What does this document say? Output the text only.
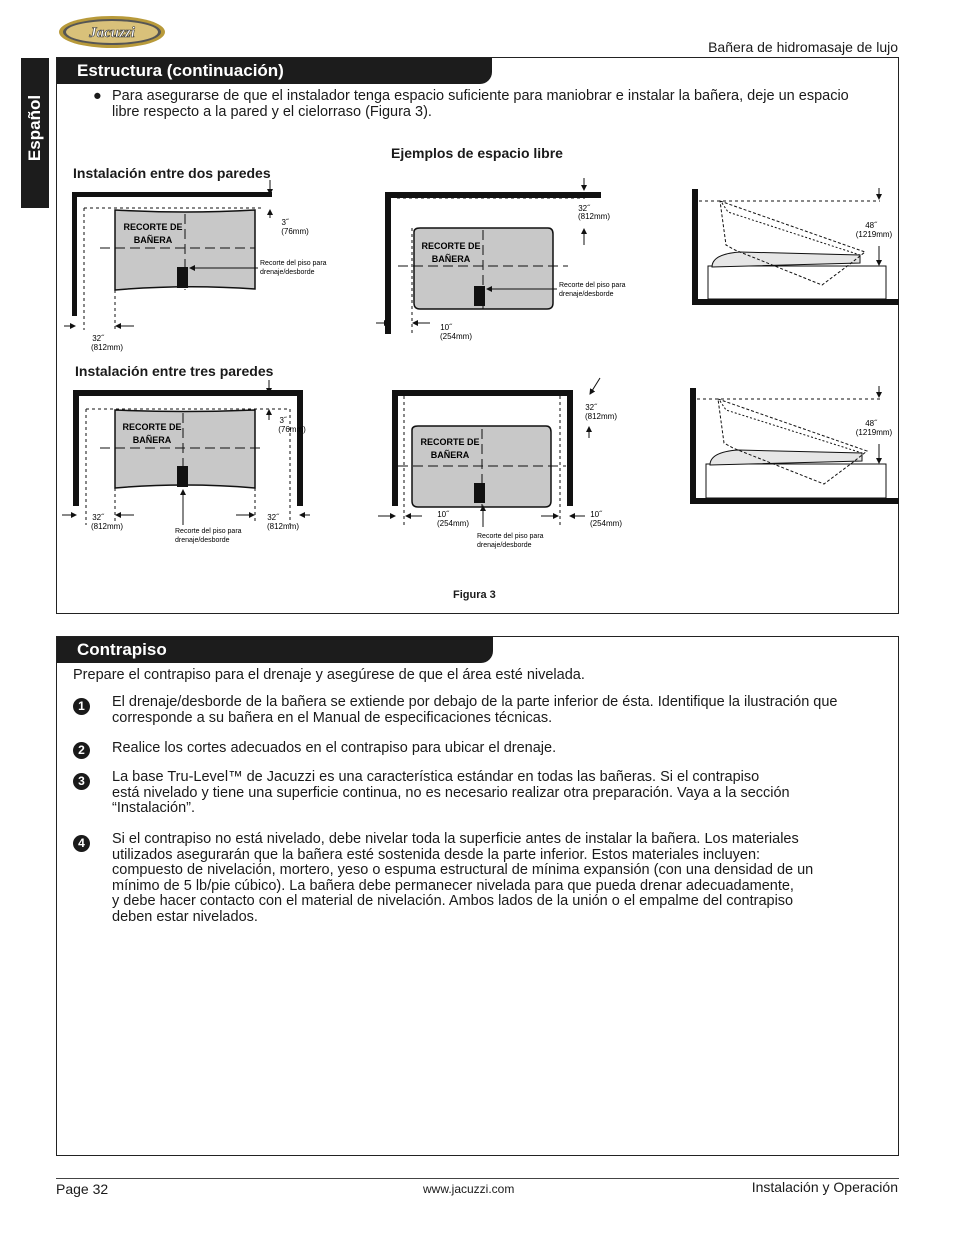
Jacuzzi
Bañera de hidromasaje de lujo
Español
Estructura (continuación)
● Para asegurarse de que el instalador tenga espacio suficiente para maniobrar e instalar la bañera, deje un espacio libre respecto a la pared y el cielorraso (Figura 3).
Ejemplos de espacio libre
Instalación entre dos paredes
Instalación entre tres paredes
Figura 3
RECORTE DE BAÑERA
Recorte del piso para drenaje/desborde
3˝ (76mm)
32˝ (812mm)
RECORTE DE BAÑERA
Recorte del piso para drenaje/desborde
32˝ (812mm)
10˝ (254mm)
48˝ (1219mm)
RECORTE DE BAÑERA
Recorte del piso para drenaje/desborde
3˝ (76mm)
32˝ (812mm)
32˝ (812mm)
RECORTE DE BAÑERA
Recorte del piso para drenaje/desborde
32˝ (812mm)
10˝ (254mm)
10˝ (254mm)
48˝ (1219mm)
Contrapiso
Prepare el contrapiso para el drenaje y asegúrese de que el área esté nivelada.
1	El drenaje/desborde de la bañera se extiende por debajo de la parte inferior de ésta. Identifique la ilustración que
corresponde a su bañera en el Manual de especificaciones técnicas.
2	Realice los cortes adecuados en el contrapiso para ubicar el drenaje.
3	La base Tru-Level™ de Jacuzzi es una característica estándar en todas las bañeras. Si el contrapiso
está nivelado y tiene una superficie continua, no es necesario realizar otra preparación. Vaya a la sección
“Instalación”.
4	Si el contrapiso no está nivelado, debe nivelar toda la superficie antes de instalar la bañera. Los materiales
utilizados asegurarán que la bañera esté sostenida desde la parte inferior. Estos materiales incluyen:
compuesto de nivelación, mortero, yeso o espuma estructural de mínima expansión (con una densidad de un
mínimo de 5 lb/pie cúbico). La bañera debe permanecer nivelada para que pueda drenar adecuadamente,
y debe hacer contacto con el material de nivelación. Ambos lados de la unión o el empalme del contrapiso
deben estar nivelados.
Page 32	www.jacuzzi.com	Instalación y Operación
